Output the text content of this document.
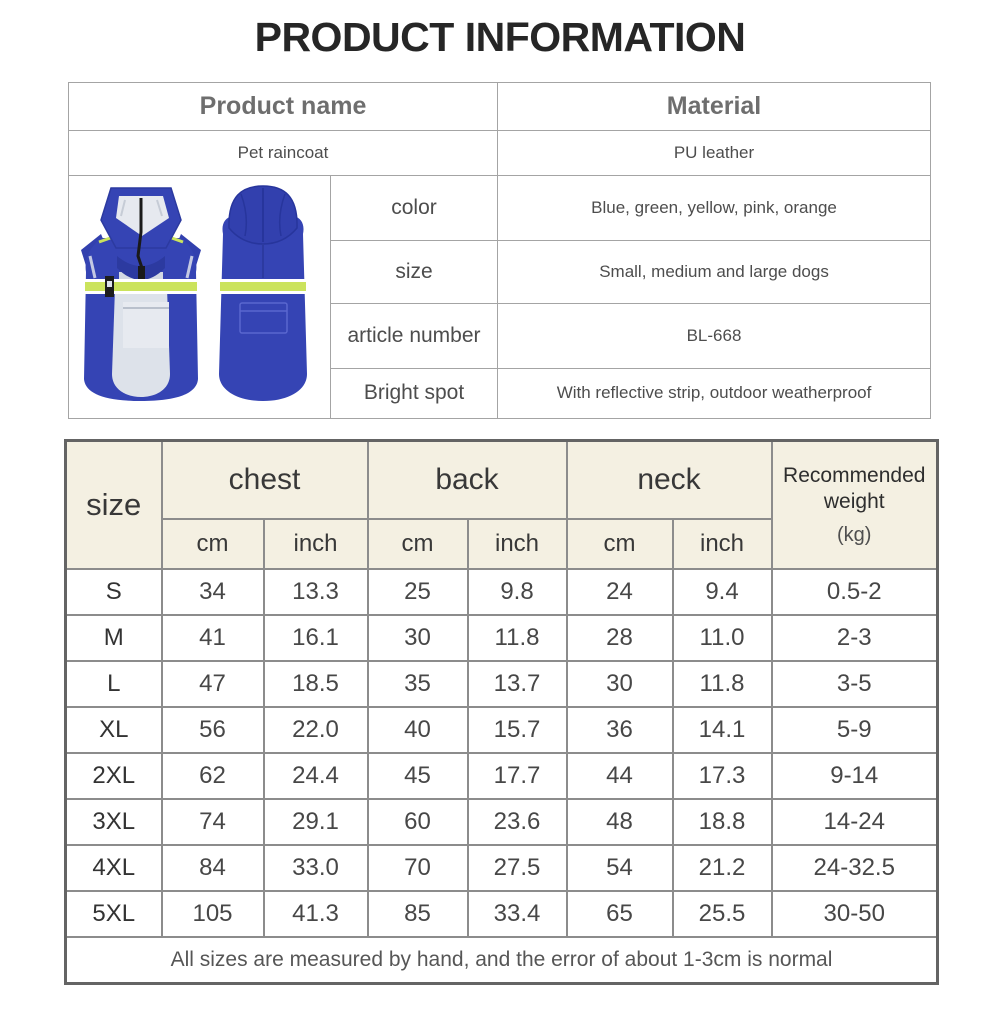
PRODUCT INFORMATION
Product name		Material
Pet raincoat		PU leather
	color	Blue, green, yellow, pink, orange
	size	Small, medium and large dogs
	article number	BL-668
	Bright spot	With reflective strip, outdoor weatherproof
size	chest		back		neck		Recommended weight
(kg)

	cm	inch	cm	inch	cm	inch	
S	34	13.3	25	9.8	24	9.4	0.5-2
M	41	16.1	30	11.8	28	11.0	2-3
L	47	18.5	35	13.7	30	11.8	3-5
XL	56	22.0	40	15.7	36	14.1	5-9
2XL	62	24.4	45	17.7	44	17.3	9-14
3XL	74	29.1	60	23.6	48	18.8	14-24
4XL	84	33.0	70	27.5	54	21.2	24-32.5
5XL	105	41.3	85	33.4	65	25.5	30-50
All sizes are measured by hand, and the error of about 1-3cm is normal							
